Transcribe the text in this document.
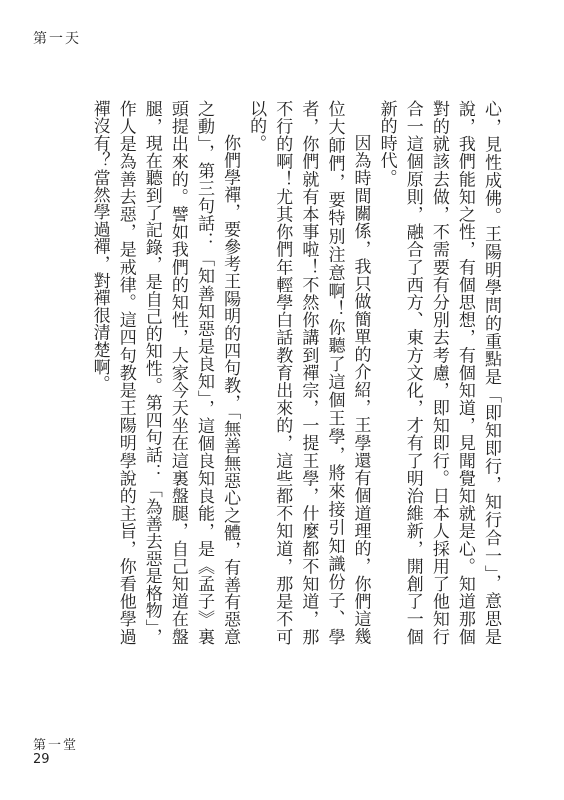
第一天

心，見性成佛。王陽明學問的重點是「即知即行，知行合一」，意思是說，我們能知之性，有個思想，有個知道，見聞覺知就是心。知道那個對的就該去做，不需要有分別去考慮，即知即行。日本人採用了他知行合一這個原則，融合了西方、東方文化，才有了明治維新，開創了一個新的時代。

因為時間關係，我只做簡單的介紹，王學還有個道理的，你們這幾位大師們，要特別注意啊！你聽了這個王學，將來接引知識份子、學者，你們就有本事啦！不然你講到禪宗，一提王學，什麼都不知道，那不行的啊！尤其你們年輕學白話教育出來的，這些都不知道，那是不可以的。

你們學禪，要參考王陽明的四句教，「無善無惡心之體，有善有惡意之動」，第三句話：「知善知惡是良知」，這個良知良能，是《孟子》裏頭提出來的。譬如我們的知性，大家今天坐在這裏盤腿，自己知道在盤腿，現在聽到了記錄，是自己的知性。第四句話：「為善去惡是格物」，作人是為善去惡，是戒律。這四句教是王陽明學說的主旨，你看他學過禪沒有？當然學過禪，對禪很清楚啊。

第一堂
29
